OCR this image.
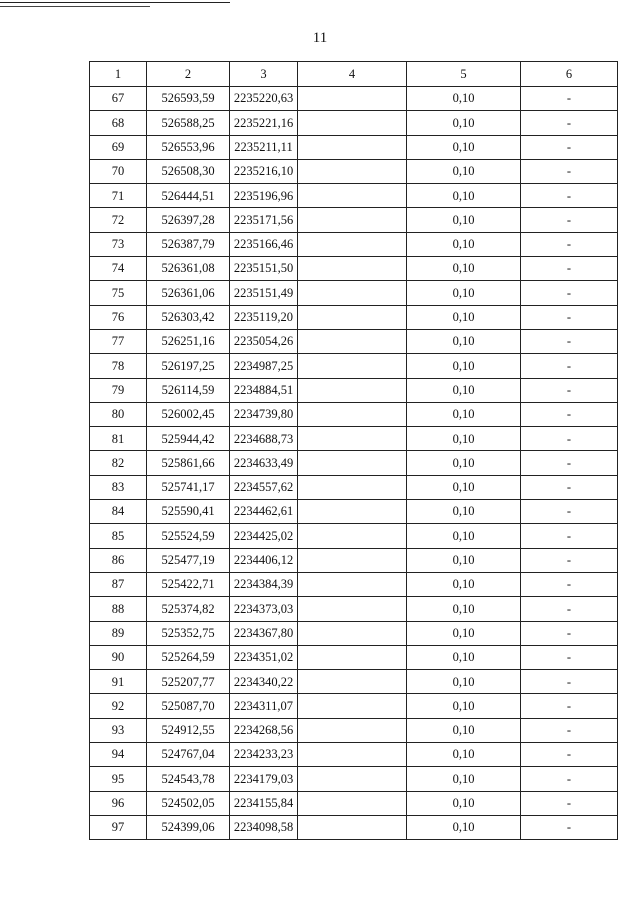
11
1	2	3	4	5	6
67	526593,59	2235220,63		0,10	-
68	526588,25	2235221,16		0,10	-
69	526553,96	2235211,11		0,10	-
70	526508,30	2235216,10		0,10	-
71	526444,51	2235196,96		0,10	-
72	526397,28	2235171,56		0,10	-
73	526387,79	2235166,46		0,10	-
74	526361,08	2235151,50		0,10	-
75	526361,06	2235151,49		0,10	-
76	526303,42	2235119,20		0,10	-
77	526251,16	2235054,26		0,10	-
78	526197,25	2234987,25		0,10	-
79	526114,59	2234884,51		0,10	-
80	526002,45	2234739,80		0,10	-
81	525944,42	2234688,73		0,10	-
82	525861,66	2234633,49		0,10	-
83	525741,17	2234557,62		0,10	-
84	525590,41	2234462,61		0,10	-
85	525524,59	2234425,02		0,10	-
86	525477,19	2234406,12		0,10	-
87	525422,71	2234384,39		0,10	-
88	525374,82	2234373,03		0,10	-
89	525352,75	2234367,80		0,10	-
90	525264,59	2234351,02		0,10	-
91	525207,77	2234340,22		0,10	-
92	525087,70	2234311,07		0,10	-
93	524912,55	2234268,56		0,10	-
94	524767,04	2234233,23		0,10	-
95	524543,78	2234179,03		0,10	-
96	524502,05	2234155,84		0,10	-
97	524399,06	2234098,58		0,10	-
